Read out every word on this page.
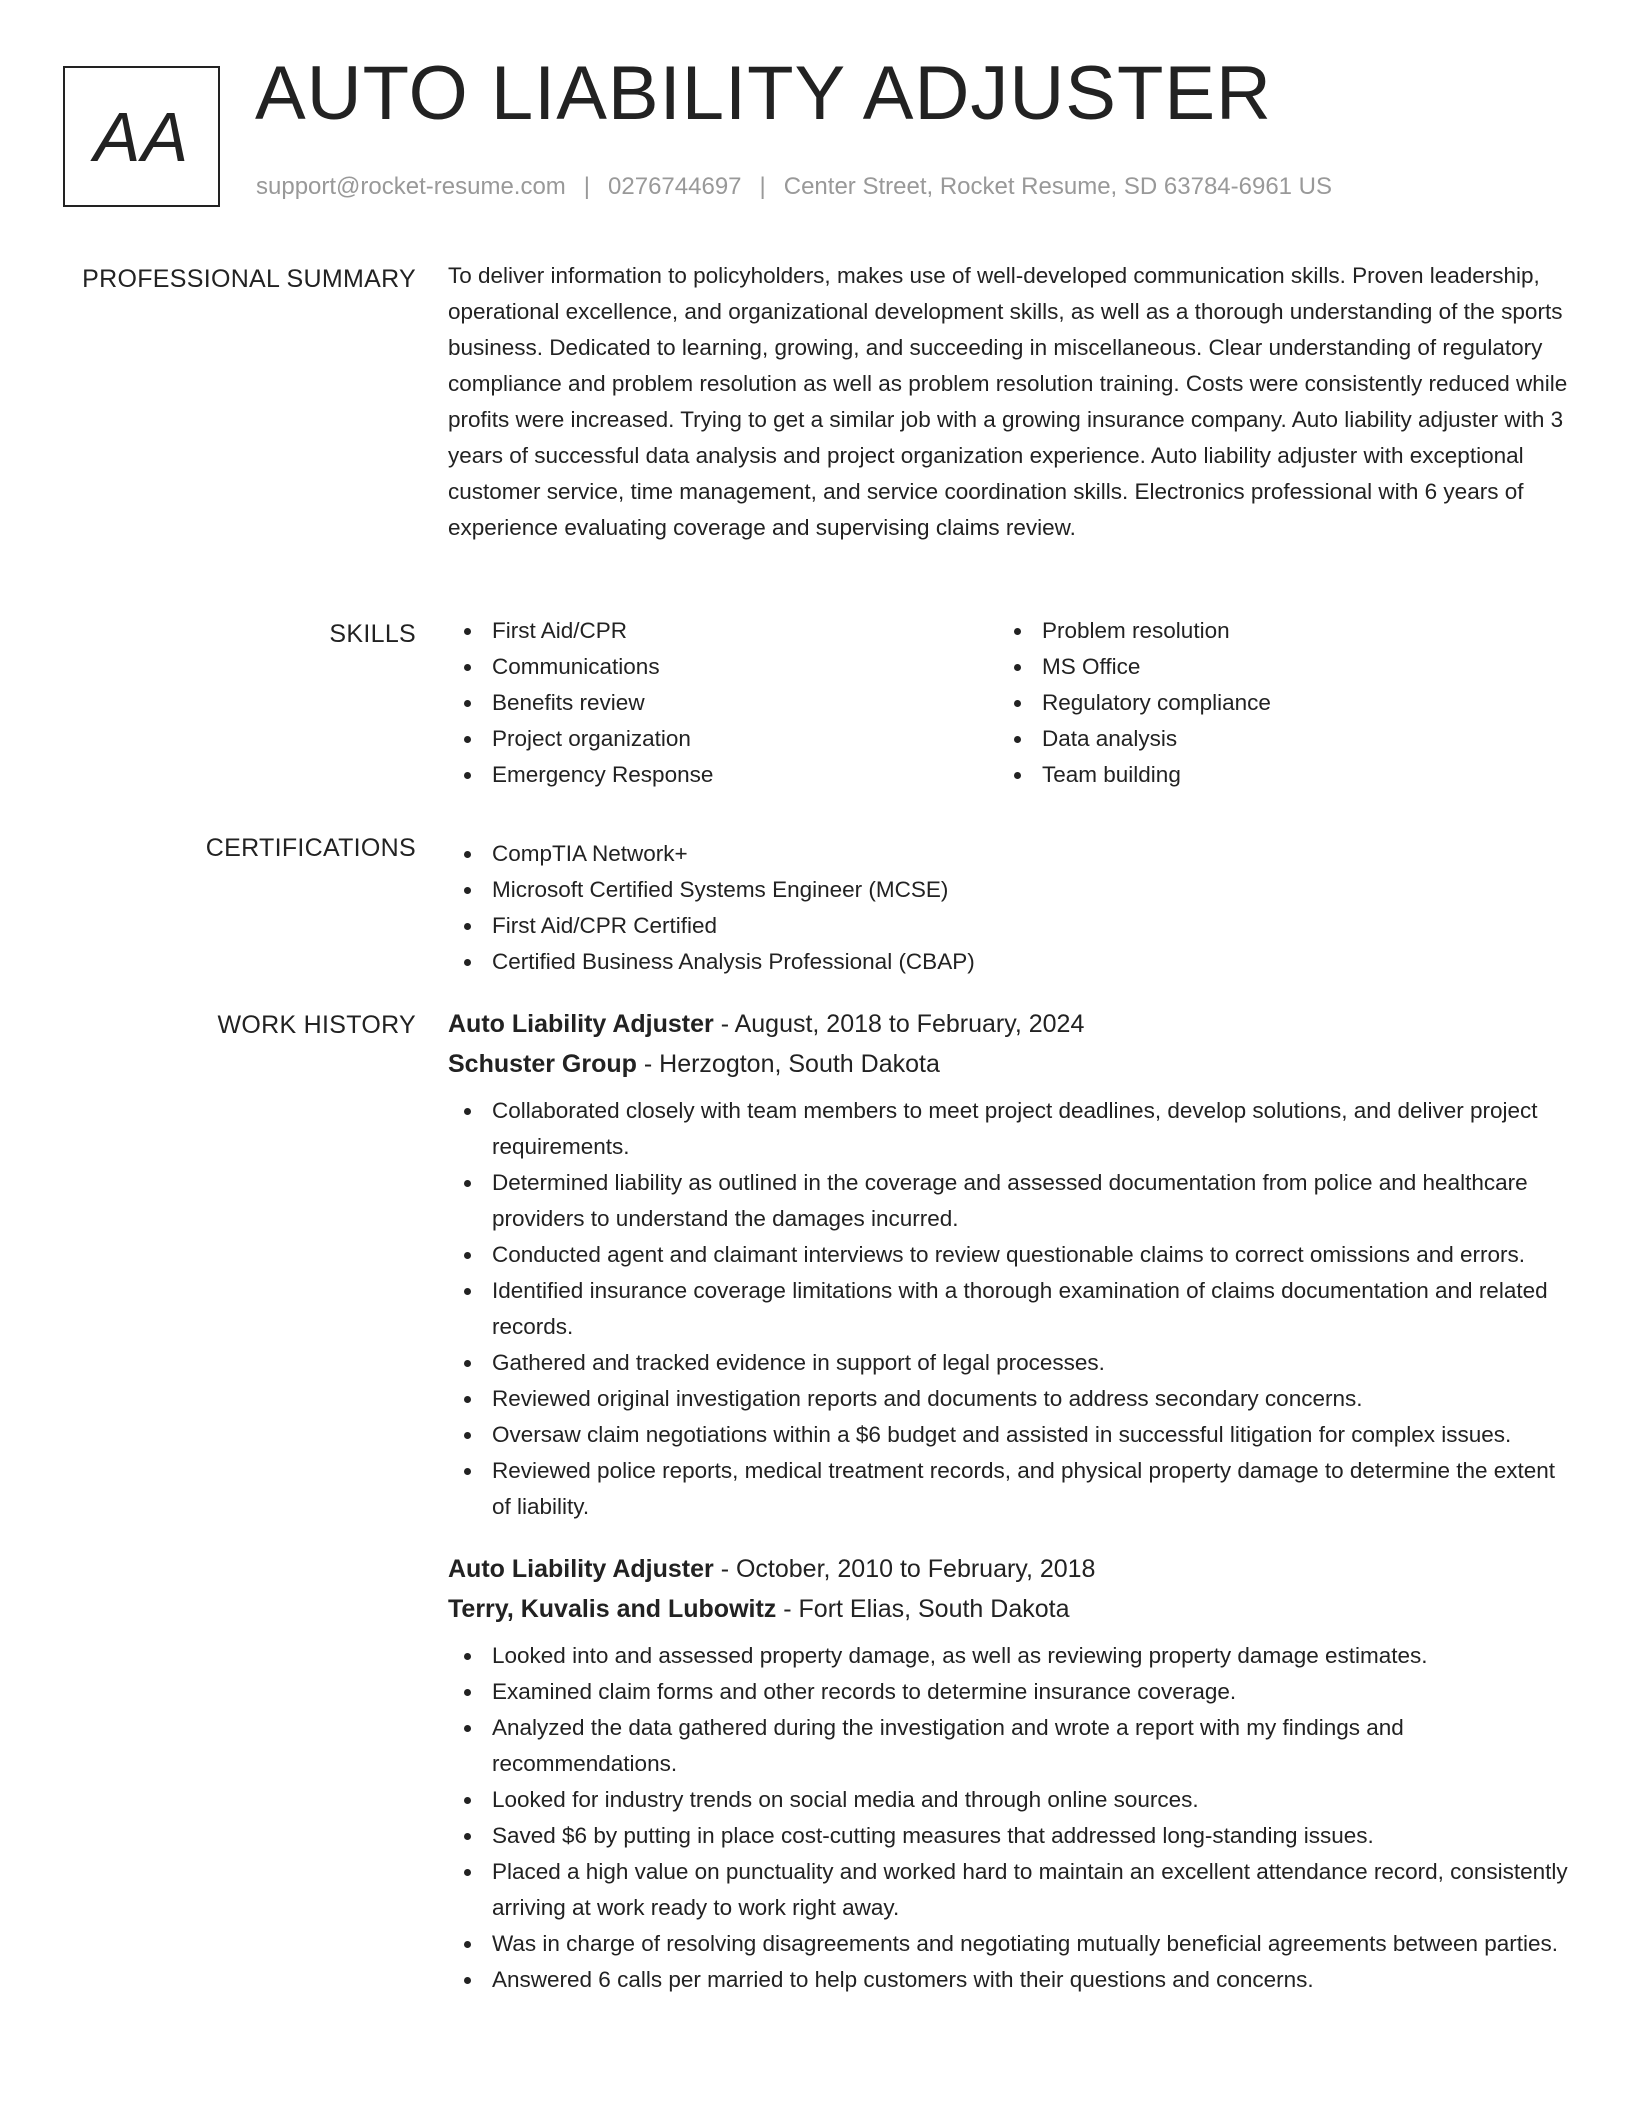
AA
AUTO LIABILITY ADJUSTER
support@rocket-resume.com | 0276744697 | Center Street, Rocket Resume, SD 63784-6961 US
PROFESSIONAL SUMMARY To deliver information to policyholders, makes use of well-developed communication skills. Proven leadership, operational excellence, and organizational development skills, as well as a thorough understanding of the sports business. Dedicated to learning, growing, and succeeding in miscellaneous. Clear understanding of regulatory compliance and problem resolution as well as problem resolution training. Costs were consistently reduced while profits were increased. Trying to get a similar job with a growing insurance company. Auto liability adjuster with 3 years of successful data analysis and project organization experience. Auto liability adjuster with exceptional customer service, time management, and service coordination skills. Electronics professional with 6 years of experience evaluating coverage and supervising claims review.

SKILLS	First Aid/CPR
Communications
Benefits review
Project organization
Emergency Response
Problem resolution
MS Office
Regulatory compliance
Data analysis
Team building
CERTIFICATIONS	CompTIA Network+
Microsoft Certified Systems Engineer (MCSE)
First Aid/CPR Certified
Certified Business Analysis Professional (CBAP)
WORK HISTORY Auto Liability Adjuster - August, 2018 to February, 2024
Schuster Group - Herzogton, South Dakota
Collaborated closely with team members to meet project deadlines, develop solutions, and deliver project requirements.
Determined liability as outlined in the coverage and assessed documentation from police and healthcare providers to understand the damages incurred.
Conducted agent and claimant interviews to review questionable claims to correct omissions and errors.
Identified insurance coverage limitations with a thorough examination of claims documentation and related records.
Gathered and tracked evidence in support of legal processes.
Reviewed original investigation reports and documents to address secondary concerns.
Oversaw claim negotiations within a $6 budget and assisted in successful litigation for complex issues.
Reviewed police reports, medical treatment records, and physical property damage to determine the extent of liability.
Auto Liability Adjuster - October, 2010 to February, 2018
Terry, Kuvalis and Lubowitz - Fort Elias, South Dakota
Looked into and assessed property damage, as well as reviewing property damage estimates.
Examined claim forms and other records to determine insurance coverage.
Analyzed the data gathered during the investigation and wrote a report with my findings and recommendations.
Looked for industry trends on social media and through online sources.
Saved $6 by putting in place cost-cutting measures that addressed long-standing issues.
Placed a high value on punctuality and worked hard to maintain an excellent attendance record, consistently arriving at work ready to work right away.
Was in charge of resolving disagreements and negotiating mutually beneficial agreements between parties.
Answered 6 calls per married to help customers with their questions and concerns.
